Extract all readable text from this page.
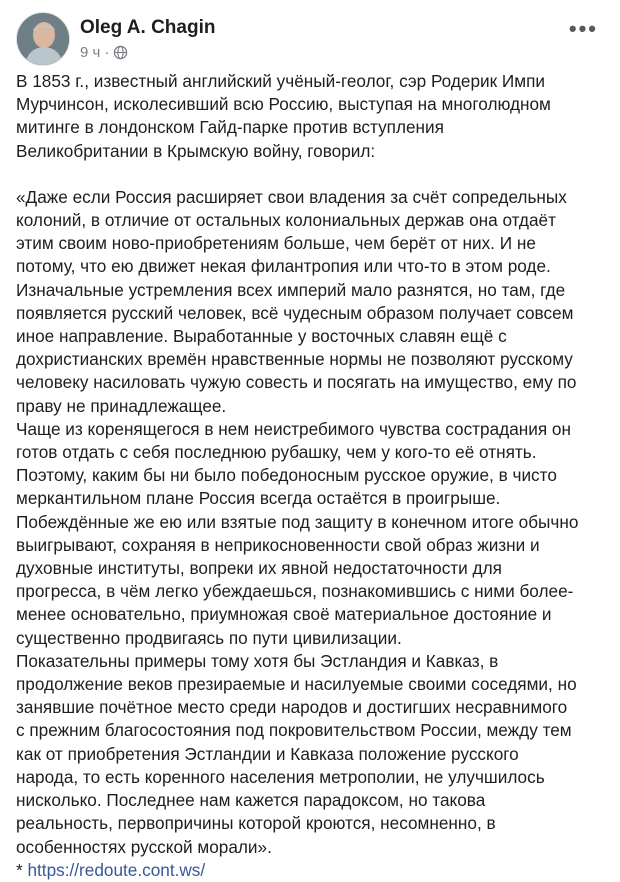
Oleg A. Chagin
9 ч ·
•••

В 1853 г., известный английский учёный-геолог, сэр Родерик Импи
Мурчинсон, исколесивший всю Россию, выступая на многолюдном
митинге в лондонском Гайд-парке против вступления
Великобритании в Крымскую войну, говорил:

«Даже если Россия расширяет свои владения за счёт сопредельных
колоний, в отличие от остальных колониальных держав она отдаёт
этим своим ново-приобретениям больше, чем берёт от них. И не
потому, что ею движет некая филантропия или что-то в этом роде.
Изначальные устремления всех империй мало разнятся, но там, где
появляется русский человек, всё чудесным образом получает совсем
иное направление. Выработанные у восточных славян ещё с
дохристианских времён нравственные нормы не позволяют русскому
человеку насиловать чужую совесть и посягать на имущество, ему по
праву не принадлежащее.
Чаще из коренящегося в нем неистребимого чувства сострадания он
готов отдать с себя последнюю рубашку, чем у кого-то её отнять.
Поэтому, каким бы ни было победоносным русское оружие, в чисто
меркантильном плане Россия всегда остаётся в проигрыше.
Побеждённые же ею или взятые под защиту в конечном итоге обычно
выигрывают, сохраняя в неприкосновенности свой образ жизни и
духовные институты, вопреки их явной недостаточности для
прогресса, в чём легко убеждаешься, познакомившись с ними более-
менее основательно, приумножая своё материальное достояние и
существенно продвигаясь по пути цивилизации.
Показательны примеры тому хотя бы Эстландия и Кавказ, в
продолжение веков презираемые и насилуемые своими соседями, но
занявшие почётное место среди народов и достигших несравнимого
с прежним благосостояния под покровительством России, между тем
как от приобретения Эстландии и Кавказа положение русского
народа, то есть коренного населения метрополии, не улучшилось
нисколько. Последнее нам кажется парадоксом, но такова
реальность, первопричины которой кроются, несомненно, в
особенностях русской морали».

* https://redoute.cont.ws/
